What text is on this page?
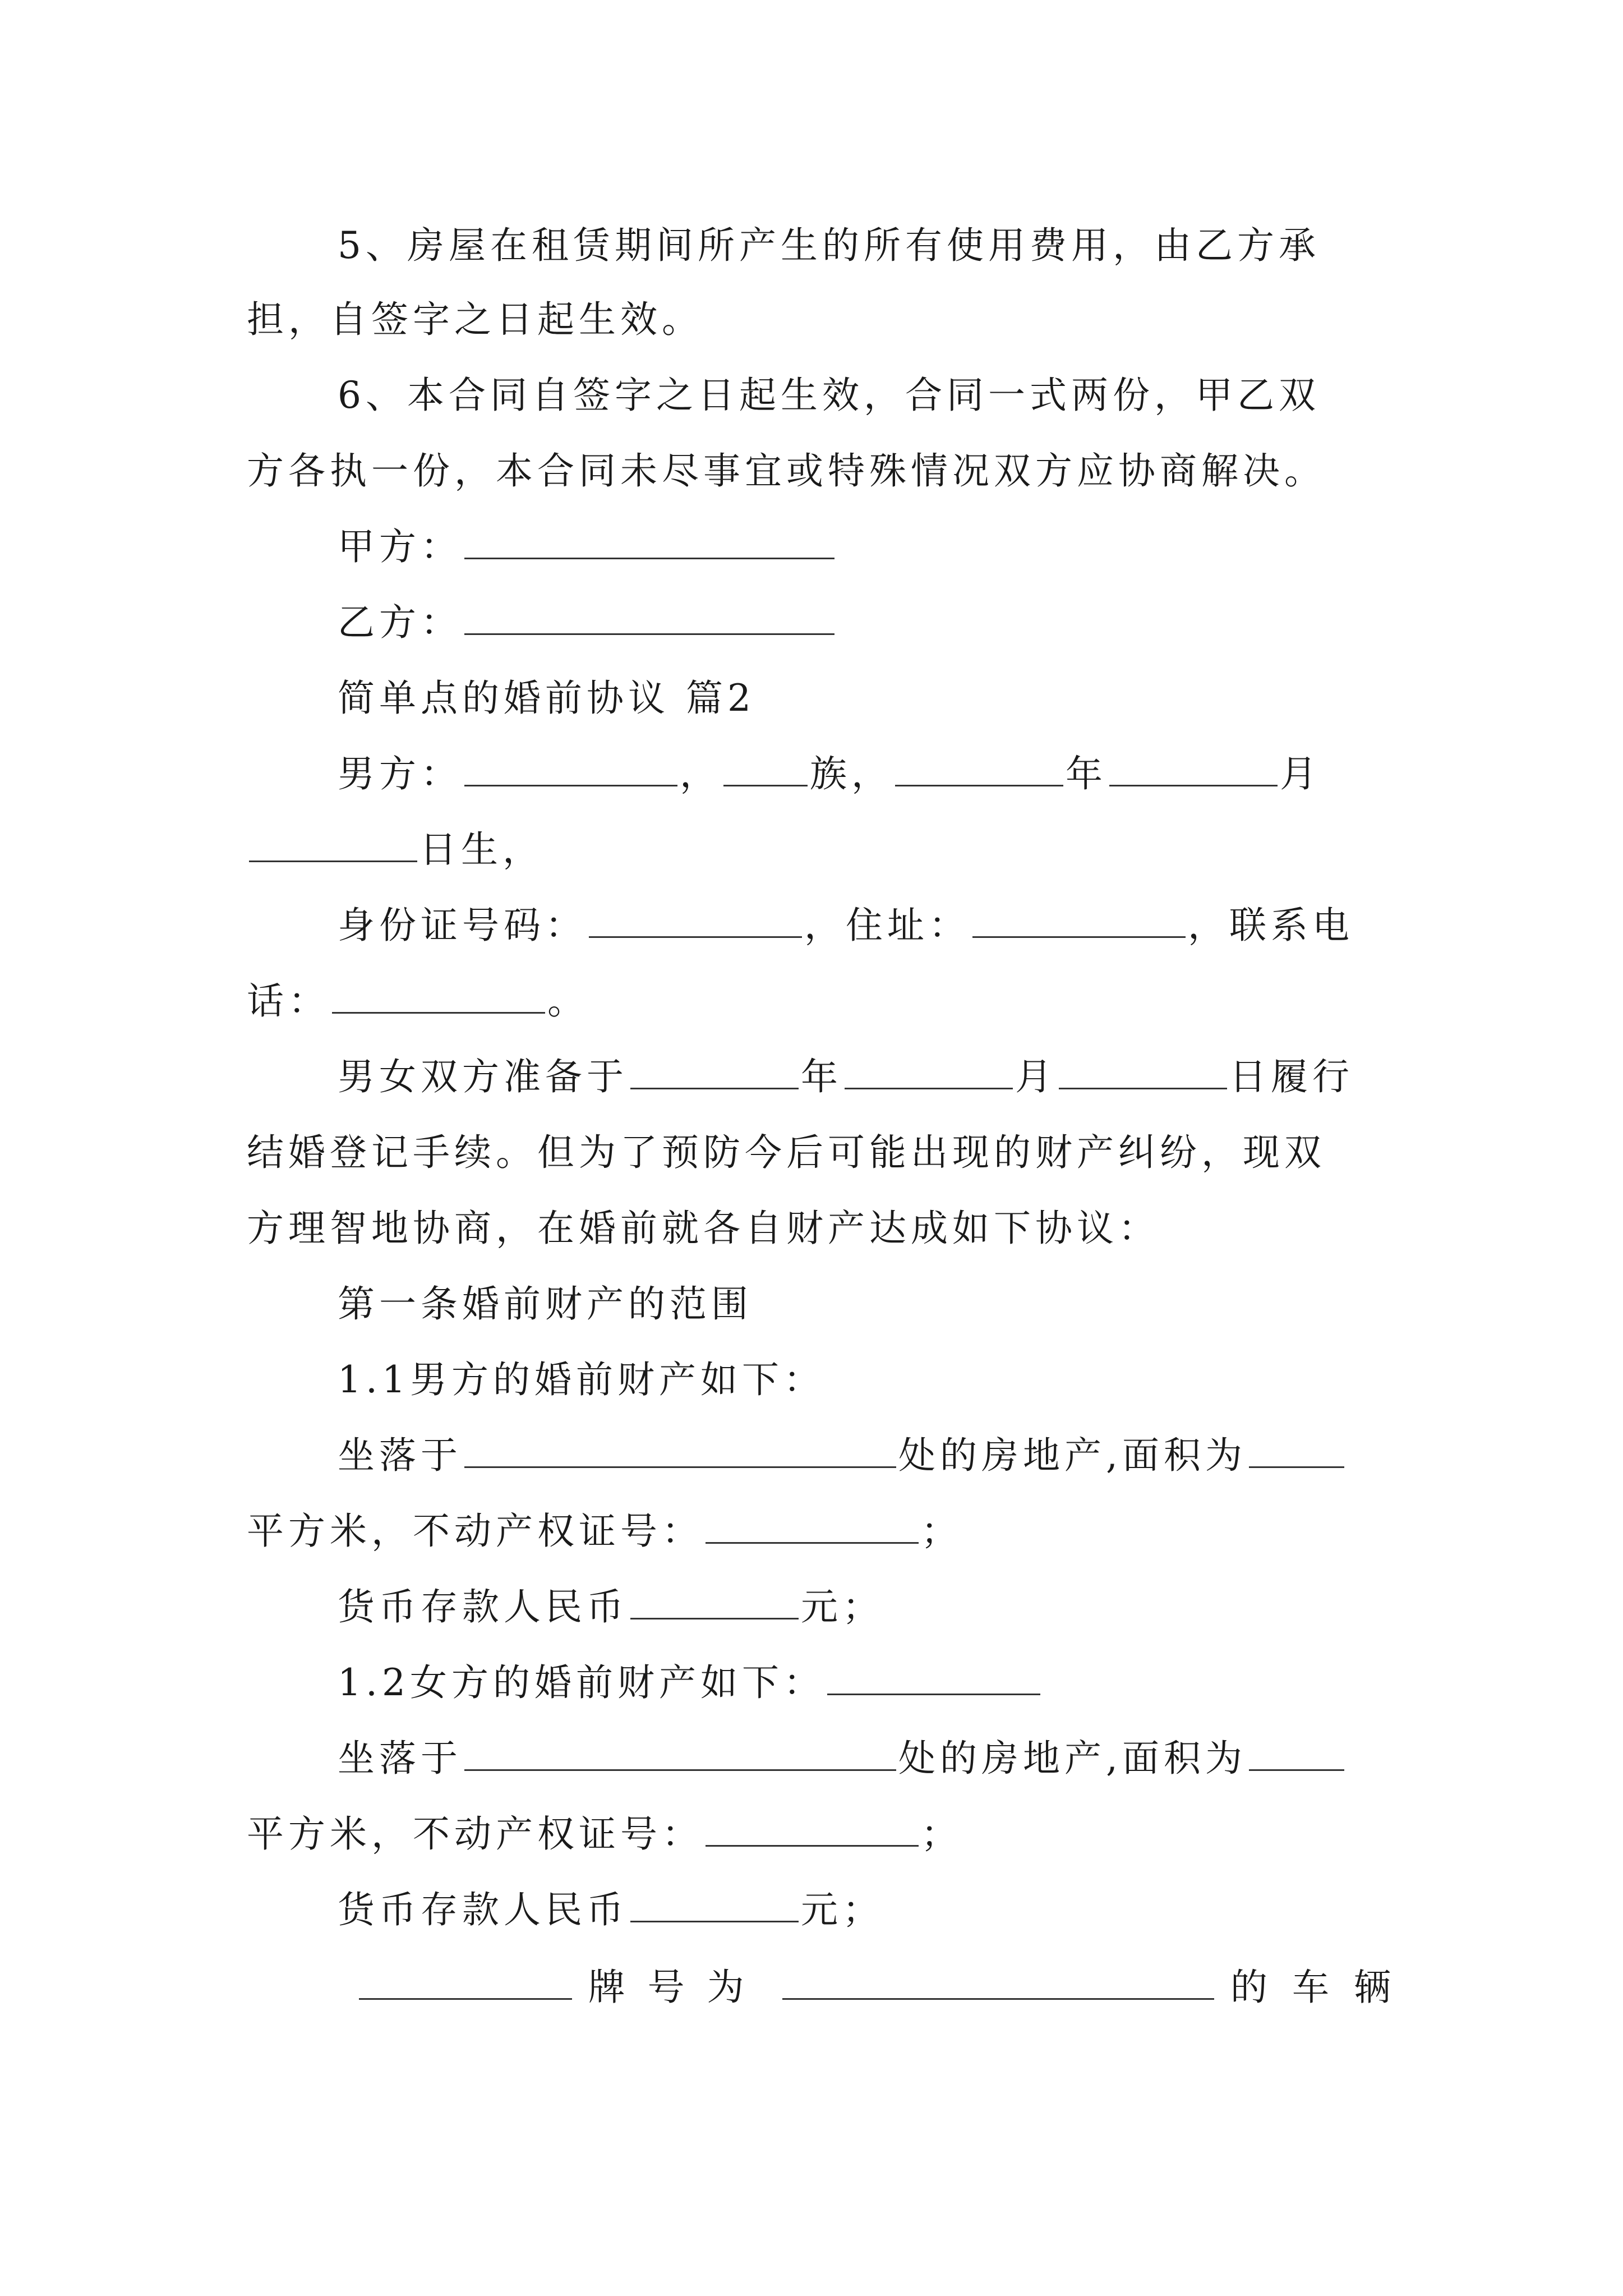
5、房屋在租赁期间所产生的所有使用费用，由乙方承
担，自签字之日起生效。
6、本合同自签字之日起生效，合同一式两份，甲乙双
方各执一份，本合同未尽事宜或特殊情况双方应协商解决。
甲方：
乙方：
简单点的婚前协议 篇2
男方：	， 族，	年	月
日生，
身份证号码：	，住址：	，联系电
话：	。
男女双方准备于	年	月	日履行
结婚登记手续。但为了预防今后可能出现的财产纠纷，现双
方理智地协商，在婚前就各自财产达成如下协议：
第一条婚前财产的范围
1.1男方的婚前财产如下：
坐落于	处的房地产,面积为
平方米，不动产权证号：	；
货币存款人民币	元；
1.2女方的婚前财产如下：
坐落于	处的房地产,面积为
平方米，不动产权证号：	；
货币存款人民币	元；
牌号为	的车辆
